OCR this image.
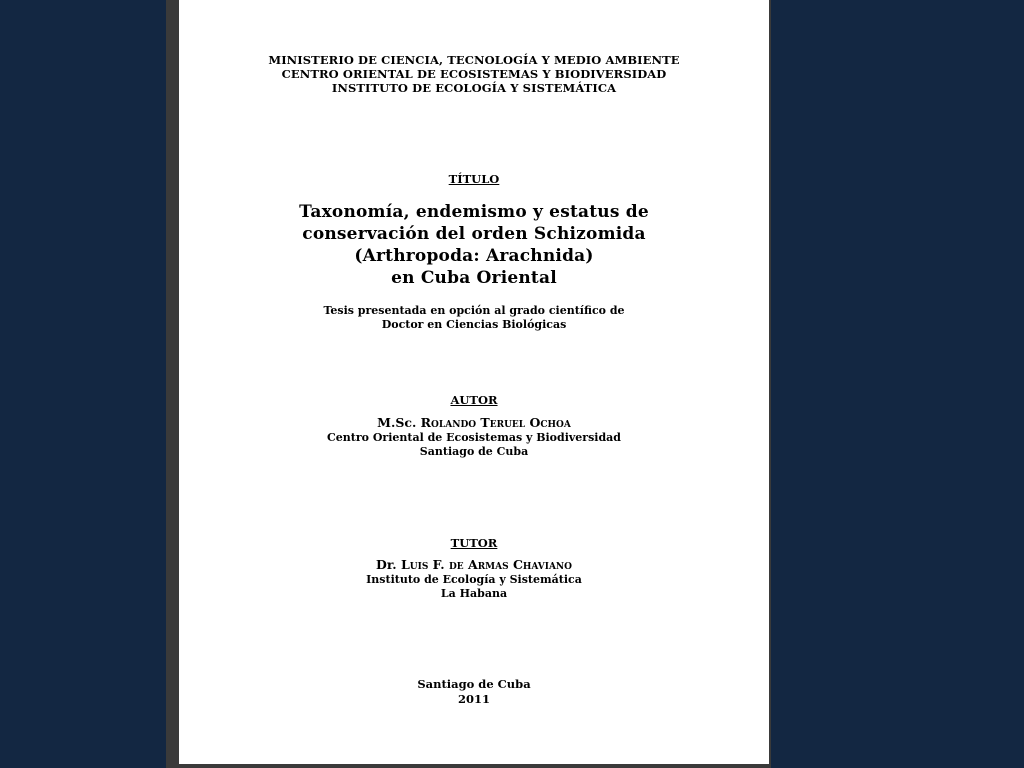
MINISTERIO DE CIENCIA, TECNOLOGÍA Y MEDIO AMBIENTE
CENTRO ORIENTAL DE ECOSISTEMAS Y BIODIVERSIDAD
INSTITUTO DE ECOLOGÍA Y SISTEMÁTICA
TÍTULO
Taxonomía, endemismo y estatus de
conservación del orden Schizomida
(Arthropoda: Arachnida)
en Cuba Oriental
Tesis presentada en opción al grado científico de
Doctor en Ciencias Biológicas
AUTOR
M.Sc. Rolando Teruel Ochoa
Centro Oriental de Ecosistemas y Biodiversidad
Santiago de Cuba
TUTOR
Dr. Luis F. de Armas Chaviano
Instituto de Ecología y Sistemática
La Habana
Santiago de Cuba
2011
